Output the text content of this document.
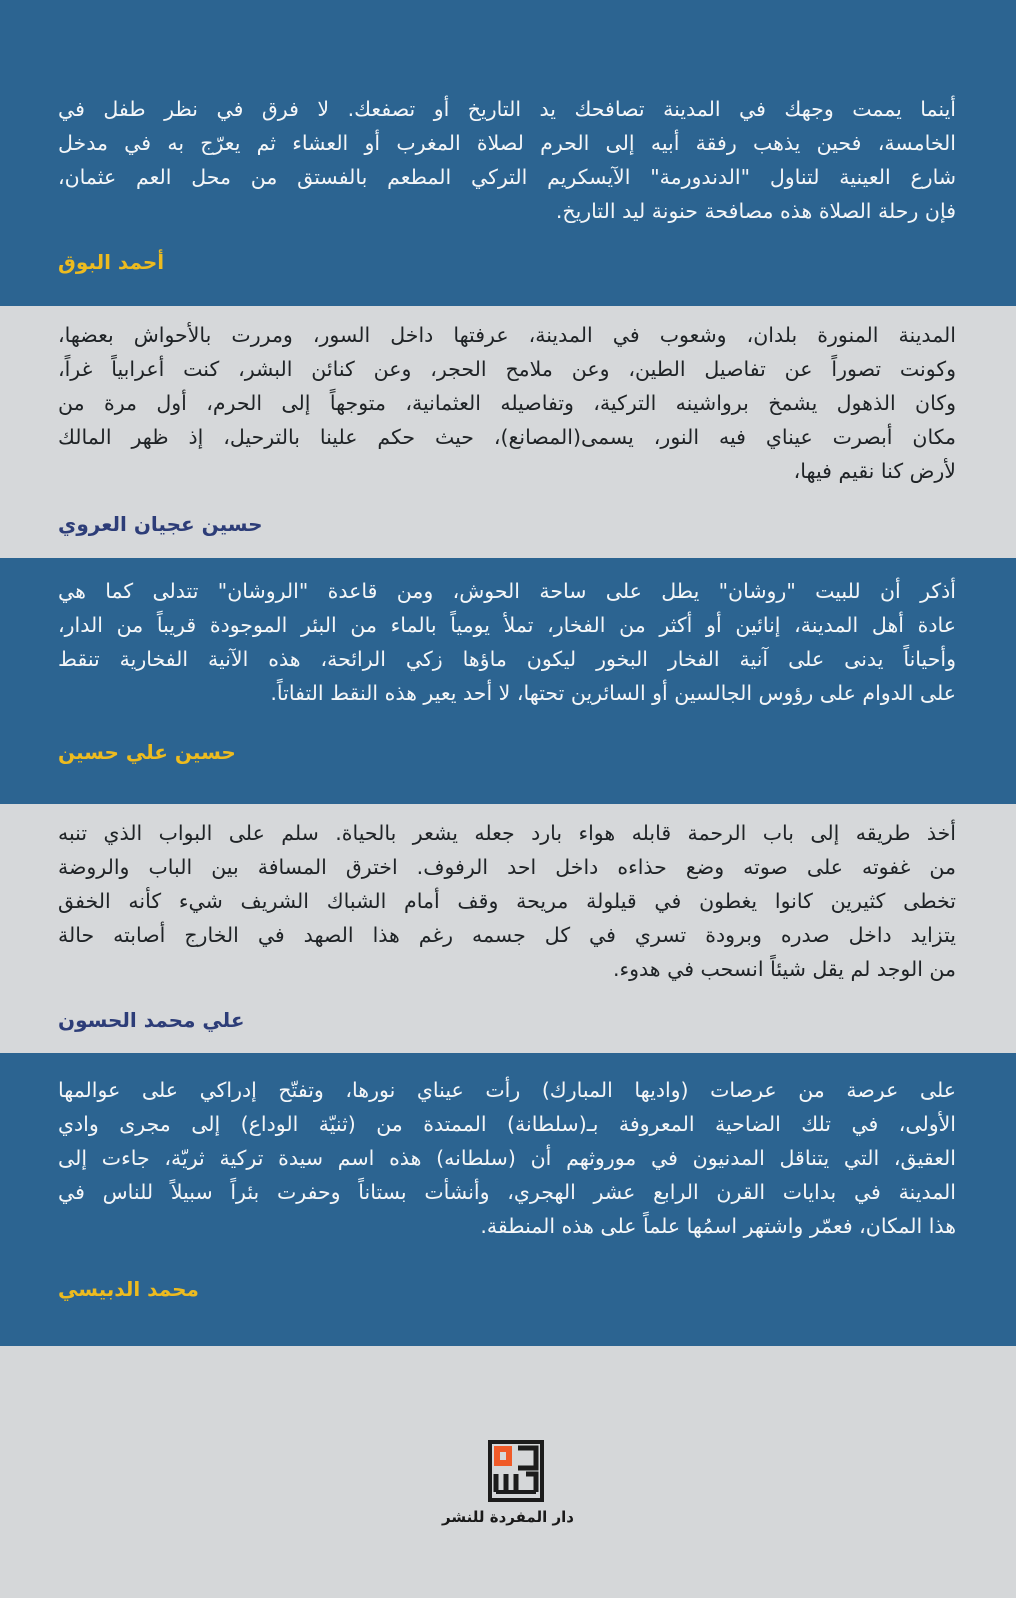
أينما يممت وجهك في المدينة تصافحك يد التاريخ أو تصفعك. لا فرق في نظر طفل في
الخامسة، فحين يذهب رفقة أبيه إلى الحرم لصلاة المغرب أو العشاء ثم يعرّج به في مدخل
شارع العينية لتناول "الدندورمة" الآيسكريم التركي المطعم بالفستق من محل العم عثمان،
فإن رحلة الصلاة هذه مصافحة حنونة ليد التاريخ.
أحمد البوق
المدينة المنورة بلدان، وشعوب في المدينة، عرفتها داخل السور، ومررت بالأحواش بعضها،
وكونت تصوراً عن تفاصيل الطين، وعن ملامح الحجر، وعن كنائن البشر، كنت أعرابياً غراً،
وكان الذهول يشمخ برواشينه التركية، وتفاصيله العثمانية، متوجهاً إلى الحرم، أول مرة من
مكان أبصرت عيناي فيه النور، يسمى(المصانع)، حيث حكم علينا بالترحيل، إذ ظهر المالك
لأرض كنا نقيم فيها،
حسين عجيان العروي
أذكر أن للبيت "روشان" يطل على ساحة الحوش، ومن قاعدة "الروشان" تتدلى كما هي
عادة أهل المدينة، إنائين أو أكثر من الفخار، تملأ يومياً بالماء من البئر الموجودة قريباً من الدار،
وأحياناً يدنى على آنية الفخار البخور ليكون ماؤها زكي الرائحة، هذه الآنية الفخارية تنقط
على الدوام على رؤوس الجالسين أو السائرين تحتها، لا أحد يعير هذه النقط التفاتاً.
حسين علي حسين
أخذ طريقه إلى باب الرحمة قابله هواء بارد جعله يشعر بالحياة. سلم على البواب الذي تنبه
من غفوته على صوته وضع حذاءه داخل احد الرفوف. اخترق المسافة بين الباب والروضة
تخطى كثيرين كانوا يغطون في قيلولة مريحة وقف أمام الشباك الشريف شيء كأنه الخفق
يتزايد داخل صدره وبرودة تسري في كل جسمه رغم هذا الصهد في الخارج أصابته حالة
من الوجد لم يقل شيئاً انسحب في هدوء.
علي محمد الحسون
على عرصة من عرصات (واديها المبارك) رأت عيناي نورها، وتفتّح إدراكي على عوالمها
الأولى، في تلك الضاحية المعروفة بـ(سلطانة) الممتدة من (ثنيّة الوداع) إلى مجرى وادي
العقيق، التي يتناقل المدنيون في موروثهم أن (سلطانه) هذه اسم سيدة تركية ثريّة، جاءت إلى
المدينة في بدايات القرن الرابع عشر الهجري، وأنشأت بستاناً وحفرت بئراً سبيلاً للناس في
هذا المكان، فعمّر واشتهر اسمُها علماً على هذه المنطقة.
محمد الدبيسي
دار المفردة للنشر
